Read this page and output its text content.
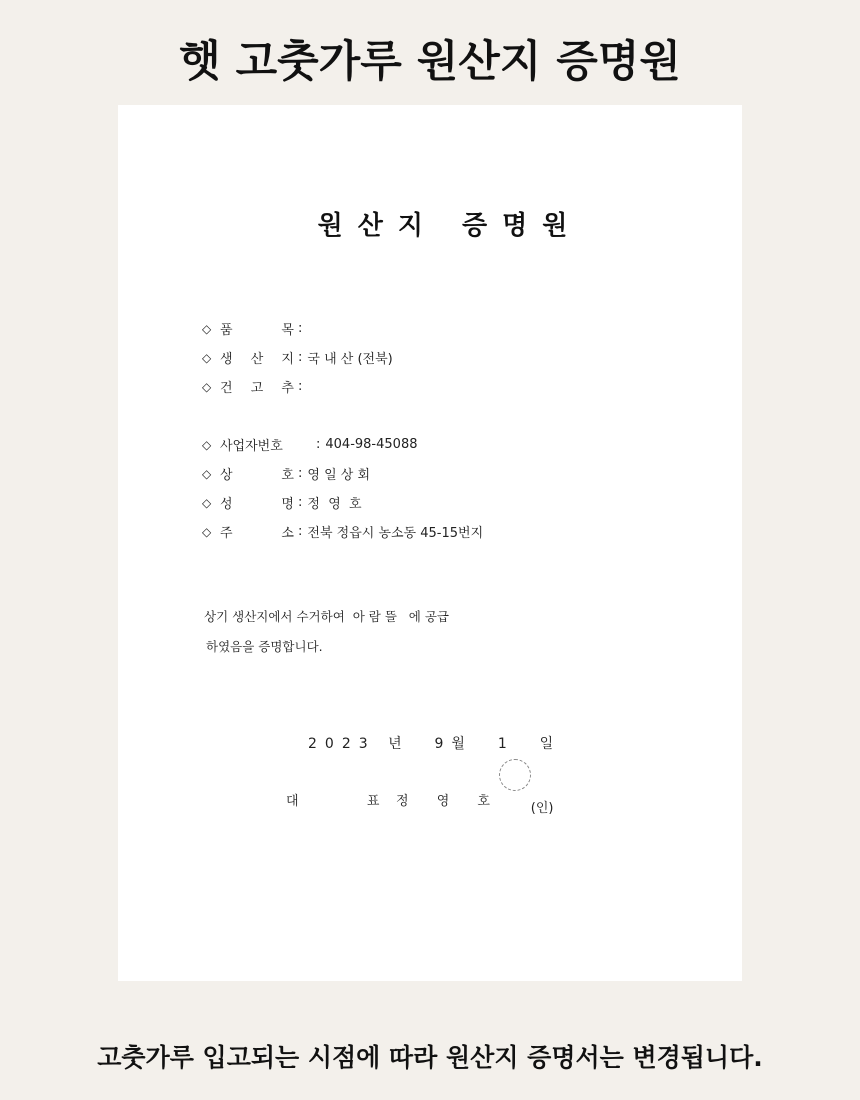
햇 고춧가루 원산지 증명원
원산지 증명원
◇ 품  목 :
◇ 생 산 지 : 국 내 산 (전북)
◇ 건 고 추 :
◇ 사업자번호	: 404-98-45088
◇ 상  호 : 영 일 상 회
◇ 성  명 : 정  영  호
◇ 주  소 : 전북 정읍시 농소동 45-15번지
상기 생산지에서 수거하여  아 람 뜰   에 공급
하였음을 증명합니다.
2023 년  9월  1  일
대  표
정 영 호

	(인)

고춧가루 입고되는 시점에 따라 원산지 증명서는 변경됩니다.
